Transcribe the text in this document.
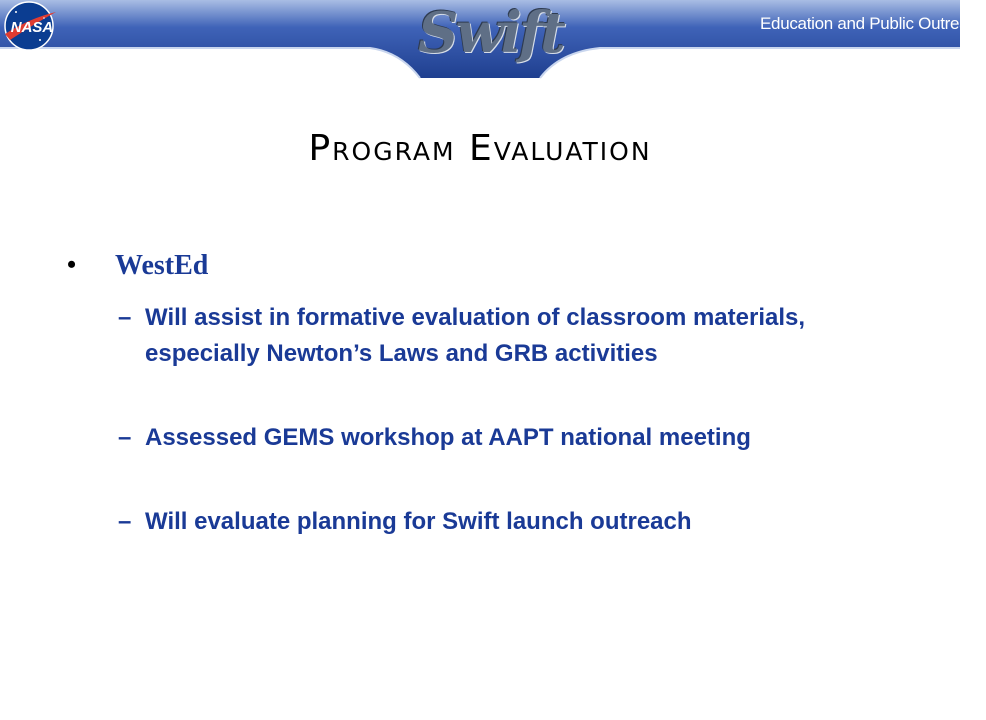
NASA	Swift	Education and Public Outreach
Program Evaluation
• WestEd
– Will assist in formative evaluation of classroom materials, especially Newton’s Laws and GRB activities
– Assessed GEMS workshop at AAPT national meeting
– Will evaluate planning for Swift launch outreach
